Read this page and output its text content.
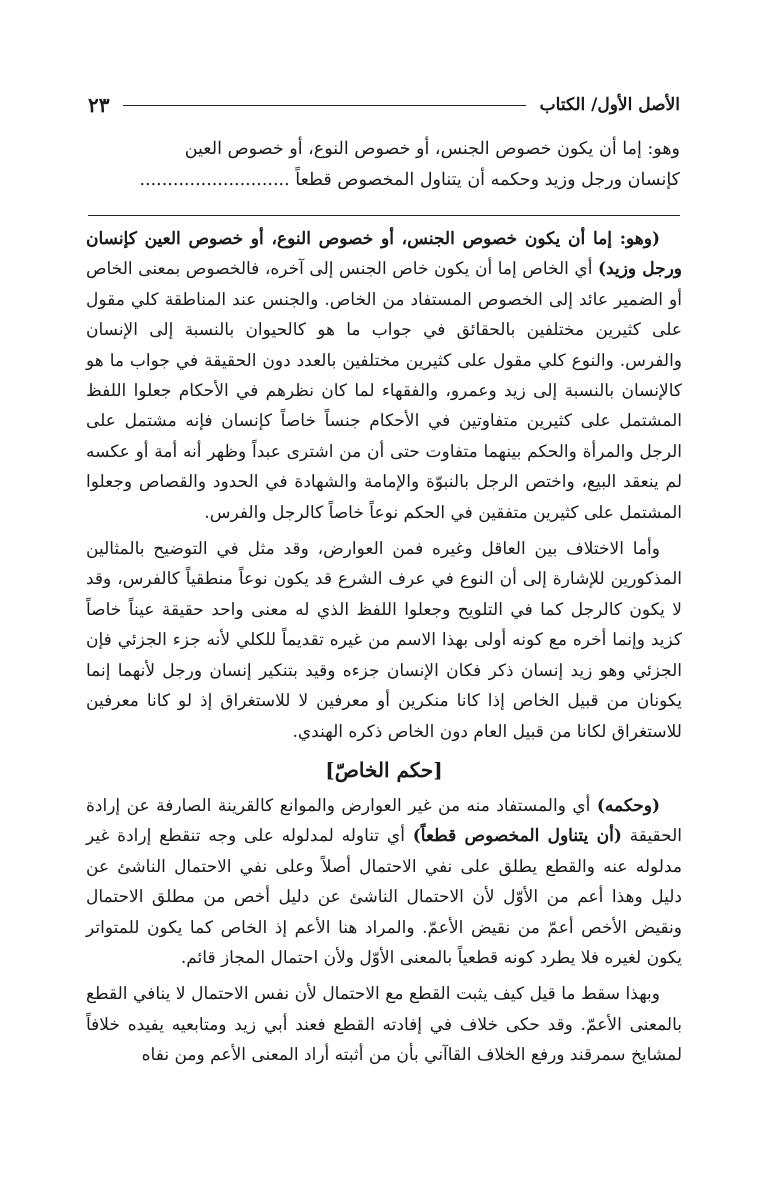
الأصل الأول/ الكتاب
٢٣
وهو: إما أن يكون خصوص الجنس، أو خصوص النوع، أو خصوص العين
كإنسان ورجل وزيد وحكمه أن يتناول المخصوص قطعاً ...........................

(وهو: إما أن يكون خصوص الجنس، أو خصوص النوع، أو خصوص العين كإنسان ورجل وزيد) أي الخاص إما أن يكون خاص الجنس إلى آخره، فالخصوص بمعنى الخاص أو الضمير عائد إلى الخصوص المستفاد من الخاص. والجنس عند المناطقة كلي مقول على كثيرين مختلفين بالحقائق في جواب ما هو كالحيوان بالنسبة إلى الإنسان والفرس. والنوع كلي مقول على كثيرين مختلفين بالعدد دون الحقيقة في جواب ما هو كالإنسان بالنسبة إلى زيد وعمرو، والفقهاء لما كان نظرهم في الأحكام جعلوا اللفظ المشتمل على كثيرين متفاوتين في الأحكام جنساً خاصاً كإنسان فإنه مشتمل على الرجل والمرأة والحكم بينهما متفاوت حتى أن من اشترى عبداً وظهر أنه أمة أو عكسه لم ينعقد البيع، واختص الرجل بالنبوّة والإمامة والشهادة في الحدود والقصاص وجعلوا المشتمل على كثيرين متفقين في الحكم نوعاً خاصاً كالرجل والفرس.

وأما الاختلاف بين العاقل وغيره فمن العوارض، وقد مثل في التوضيح بالمثالين المذكورين للإشارة إلى أن النوع في عرف الشرع قد يكون نوعاً منطقياً كالفرس، وقد لا يكون كالرجل كما في التلويح وجعلوا اللفظ الذي له معنى واحد حقيقة عيناً خاصاً كزيد وإنما أخره مع كونه أولى بهذا الاسم من غيره تقديماً للكلي لأنه جزء الجزئي فإن الجزئي وهو زيد إنسان ذكر فكان الإنسان جزءه وقيد بتنكير إنسان ورجل لأنهما إنما يكونان من قبيل الخاص إذا كانا منكرين أو معرفين لا للاستغراق إذ لو كانا معرفين للاستغراق لكانا من قبيل العام دون الخاص ذكره الهندي.

[حكم الخاصّ]

(وحكمه) أي والمستفاد منه من غير العوارض والموانع كالقرينة الصارفة عن إرادة الحقيقة (أن يتناول المخصوص قطعاً) أي تناوله لمدلوله على وجه تنقطع إرادة غير مدلوله عنه والقطع يطلق على نفي الاحتمال أصلاً وعلى نفي الاحتمال الناشئ عن دليل وهذا أعم من الأوّل لأن الاحتمال الناشئ عن دليل أخص من مطلق الاحتمال ونقيض الأخص أعمّ من نقيض الأعمّ. والمراد هنا الأعم إذ الخاص كما يكون للمتواتر يكون لغيره فلا يطرد كونه قطعياً بالمعنى الأوّل ولأن احتمال المجاز قائم.

وبهذا سقط ما قيل كيف يثبت القطع مع الاحتمال لأن نفس الاحتمال لا ينافي القطع بالمعنى الأعمّ. وقد حكى خلاف في إفادته القطع فعند أبي زيد ومتابعيه يفيده خلافاً لمشايخ سمرقند ورفع الخلاف القاآني بأن من أثبته أراد المعنى الأعم ومن نفاه
